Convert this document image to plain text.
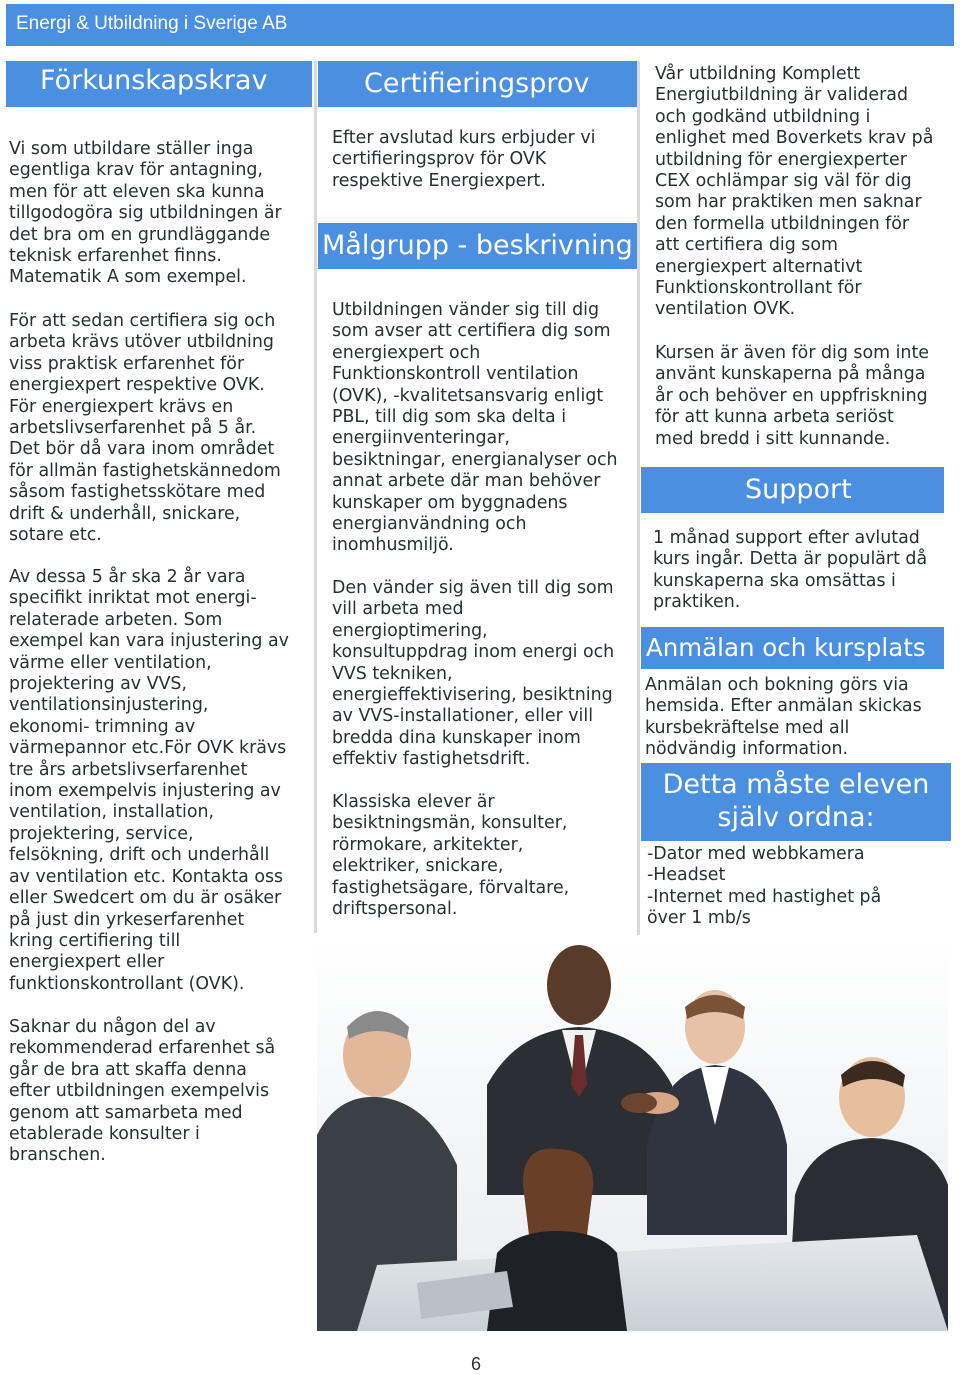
Energi & Utbildning i Sverige AB
Förkunskapskrav

Vi som utbildare ställer inga
egentliga krav för antagning,
men för att eleven ska kunna
tillgodogöra sig utbildningen är
det bra om en grundläggande
teknisk erfarenhet finns.
Matematik A som exempel.

För att sedan certifiera sig och
arbeta krävs utöver utbildning
viss praktisk erfarenhet för
energiexpert respektive OVK.
För energiexpert krävs en
arbetslivserfarenhet på 5 år.
Det bör då vara inom området
för allmän fastighetskännedom
såsom fastighetsskötare med
drift & underhåll, snickare,
sotare etc.

Av dessa 5 år ska 2 år vara
specifikt inriktat mot energi-
relaterade arbeten. Som
exempel kan vara injustering av
värme eller ventilation,
projektering av VVS,
ventilationsinjustering,
ekonomi- trimning av
värmepannor etc.För OVK krävs
tre års arbetslivserfarenhet
inom exempelvis injustering av
ventilation, installation,
projektering, service,
felsökning, drift och underhåll
av ventilation etc. Kontakta oss
eller Swedcert om du är osäker
på just din yrkeserfarenhet
kring certifiering till
energiexpert eller
funktionskontrollant (OVK).

Saknar du någon del av
rekommenderad erfarenhet så
går de bra att skaffa denna
efter utbildningen exempelvis
genom att samarbeta med
etablerade konsulter i
branschen.

Certifieringsprov

Efter avslutad kurs erbjuder vi
certifieringsprov för OVK
respektive Energiexpert.

Målgrupp - beskrivning

Utbildningen vänder sig till dig
som avser att certifiera dig som
energiexpert och
Funktionskontroll ventilation
(OVK), -kvalitetsansvarig enligt
PBL, till dig som ska delta i
energiinventeringar,
besiktningar, energianalyser och
annat arbete där man behöver
kunskaper om byggnadens
energianvändning och
inomhusmiljö.

Den vänder sig även till dig som
vill arbeta med
energioptimering,
konsultuppdrag inom energi och
VVS tekniken,
energieffektivisering, besiktning
av VVS-installationer, eller vill
bredda dina kunskaper inom
effektiv fastighetsdrift.

Klassiska elever är
besiktningsmän, konsulter,
rörmokare, arkitekter,
elektriker, snickare,
fastighetsägare, förvaltare,
driftspersonal.

Vår utbildning Komplett
Energiutbildning är validerad
och godkänd utbildning i
enlighet med Boverkets krav på
utbildning för energiexperter
CEX ochlämpar sig väl för dig
som har praktiken men saknar
den formella utbildningen för
att certifiera dig som
energiexpert alternativt
Funktionskontrollant för
ventilation OVK.

Kursen är även för dig som inte
använt kunskaperna på många
år och behöver en uppfriskning
för att kunna arbeta seriöst
med bredd i sitt kunnande.

Support

1 månad support efter avlutad
kurs ingår. Detta är populärt då
kunskaperna ska omsättas i
praktiken.

Anmälan och kursplats

Anmälan och bokning görs via
hemsida. Efter anmälan skickas
kursbekräftelse med all
nödvändig information.

Detta måste eleven
själv ordna:
-Dator med webbkamera
-Headset
-Internet med hastighet på
över 1 mb/s
6
